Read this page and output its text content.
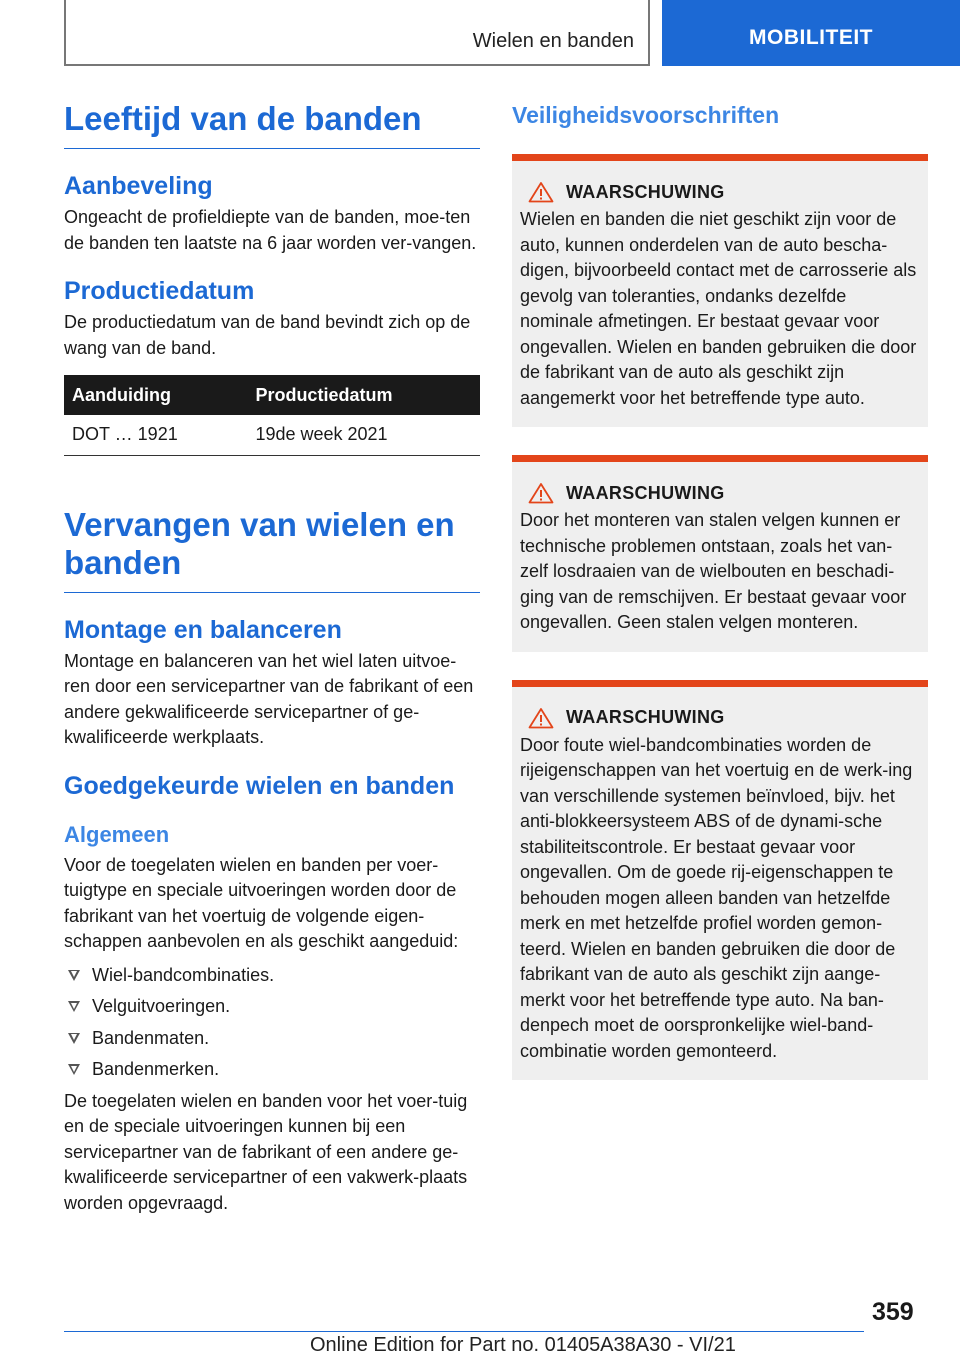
Wielen en banden	MOBILITEIT
Leeftijd van de banden
Aanbeveling

Ongeacht de profieldiepte van de banden, moe-ten de banden ten laatste na 6 jaar worden ver-vangen.

Productiedatum

De productiedatum van de band bevindt zich op de wang van de band.

Aanduiding	Productiedatum
DOT … 1921	19de week 2021
Vervangen van wielen en banden
Montage en balanceren

Montage en balanceren van het wiel laten uitvoe-ren door een servicepartner van de fabrikant of een andere gekwalificeerde servicepartner of ge-kwalificeerde werkplaats.

Goedgekeurde wielen en banden
Algemeen

Voor de toegelaten wielen en banden per voer-tuigtype en speciale uitvoeringen worden door de fabrikant van het voertuig de volgende eigen-schappen aanbevolen en als geschikt aangeduid:

Wiel-bandcombinaties.
Velguitvoeringen.
Bandenmaten.
Bandenmerken.

De toegelaten wielen en banden voor het voer-tuig en de speciale uitvoeringen kunnen bij een servicepartner van de fabrikant of een andere ge-kwalificeerde servicepartner of een vakwerk-plaats worden opgevraagd.

Veiligheidsvoorschriften
WAARSCHUWING

Wielen en banden die niet geschikt zijn voor de auto, kunnen onderdelen van de auto bescha-digen, bijvoorbeeld contact met de carrosserie als gevolg van toleranties, ondanks dezelfde nominale afmetingen. Er bestaat gevaar voor ongevallen. Wielen en banden gebruiken die door de fabrikant van de auto als geschikt zijn aangemerkt voor het betreffende type auto.

WAARSCHUWING

Door het monteren van stalen velgen kunnen er technische problemen ontstaan, zoals het van-zelf losdraaien van de wielbouten en beschadi-ging van de remschijven. Er bestaat gevaar voor ongevallen. Geen stalen velgen monteren.

WAARSCHUWING

Door foute wiel-bandcombinaties worden de rijeigenschappen van het voertuig en de werk-ing van verschillende systemen beïnvloed, bijv. het anti-blokkeersysteem ABS of de dynami-sche stabiliteitscontrole. Er bestaat gevaar voor ongevallen. Om de goede rij-eigenschappen te behouden mogen alleen banden van hetzelfde merk en met hetzelfde profiel worden gemon-teerd. Wielen en banden gebruiken die door de fabrikant van de auto als geschikt zijn aange-merkt voor het betreffende type auto. Na ban-denpech moet de oorspronkelijke wiel-band-combinatie worden gemonteerd.

359
Online Edition for Part no. 01405A38A30 - VI/21
